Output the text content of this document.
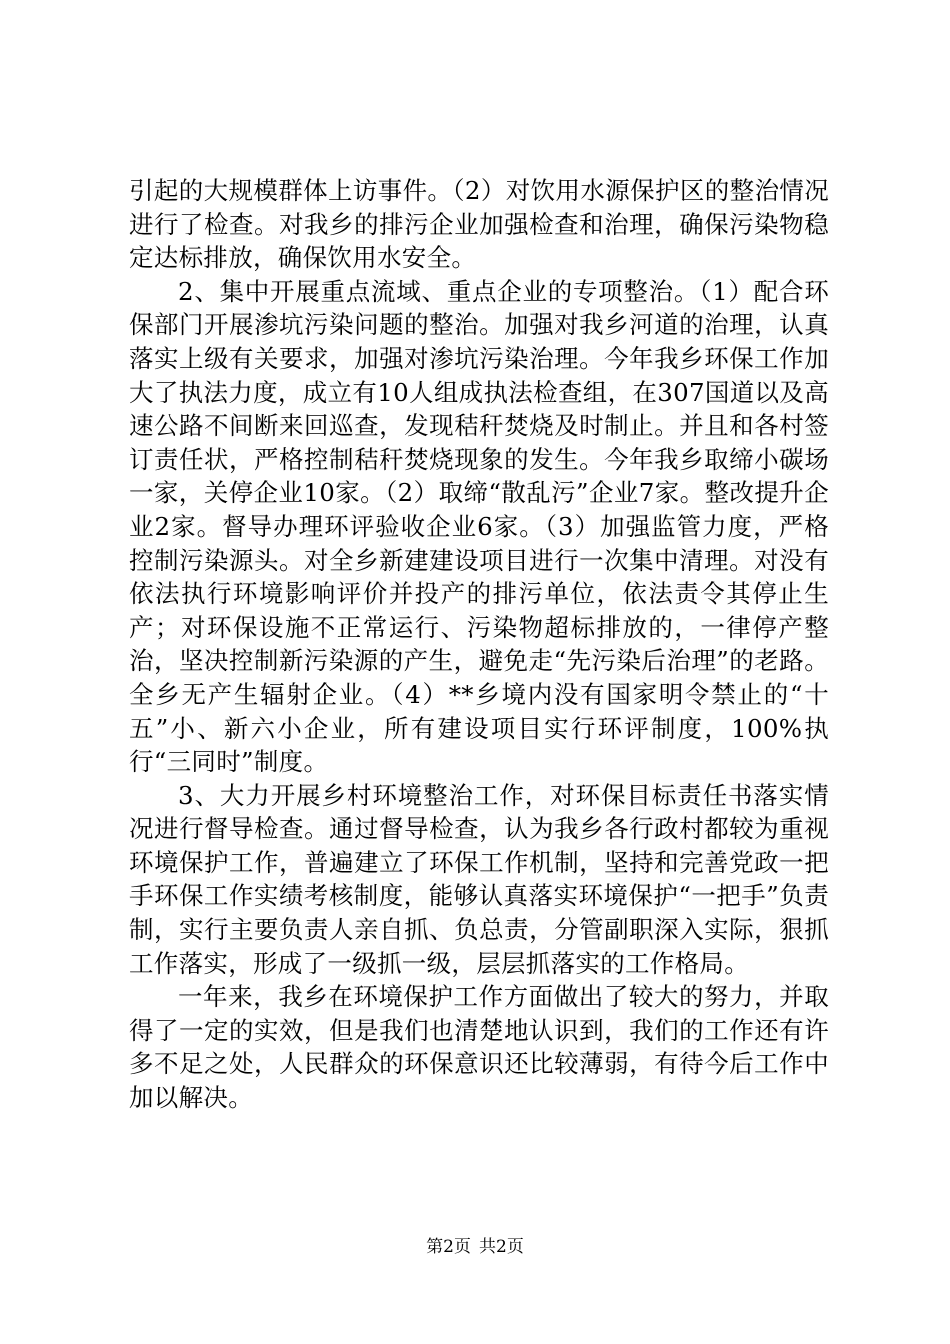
引起的大规模群体上访事件。（2）对饮用水源保护区的整治情况进行了检查。对我乡的排污企业加强检查和治理，确保污染物稳定达标排放，确保饮用水安全。

2、集中开展重点流域、重点企业的专项整治。（1）配合环保部门开展渗坑污染问题的整治。加强对我乡河道的治理，认真落实上级有关要求，加强对渗坑污染治理。今年我乡环保工作加大了执法力度，成立有10人组成执法检查组，在307国道以及高速公路不间断来回巡查，发现秸秆焚烧及时制止。并且和各村签订责任状，严格控制秸秆焚烧现象的发生。今年我乡取缔小碳场一家，关停企业10家。（2）取缔“散乱污”企业7家。整改提升企业2家。督导办理环评验收企业6家。（3）加强监管力度，严格控制污染源头。对全乡新建建设项目进行一次集中清理。对没有依法执行环境影响评价并投产的排污单位，依法责令其停止生产；对环保设施不正常运行、污染物超标排放的，一律停产整治，坚决控制新污染源的产生，避免走“先污染后治理”的老路。全乡无产生辐射企业。（4）**乡境内没有国家明令禁止的“十五”小、新六小企业，所有建设项目实行环评制度，100%执行“三同时”制度。

3、大力开展乡村环境整治工作，对环保目标责任书落实情况进行督导检查。通过督导检查，认为我乡各行政村都较为重视环境保护工作，普遍建立了环保工作机制，坚持和完善党政一把手环保工作实绩考核制度，能够认真落实环境保护“一把手”负责制，实行主要负责人亲自抓、负总责，分管副职深入实际，狠抓工作落实，形成了一级抓一级，层层抓落实的工作格局。

一年来，我乡在环境保护工作方面做出了较大的努力，并取得了一定的实效，但是我们也清楚地认识到，我们的工作还有许多不足之处，人民群众的环保意识还比较薄弱，有待今后工作中加以解决。

第2页 共2页
